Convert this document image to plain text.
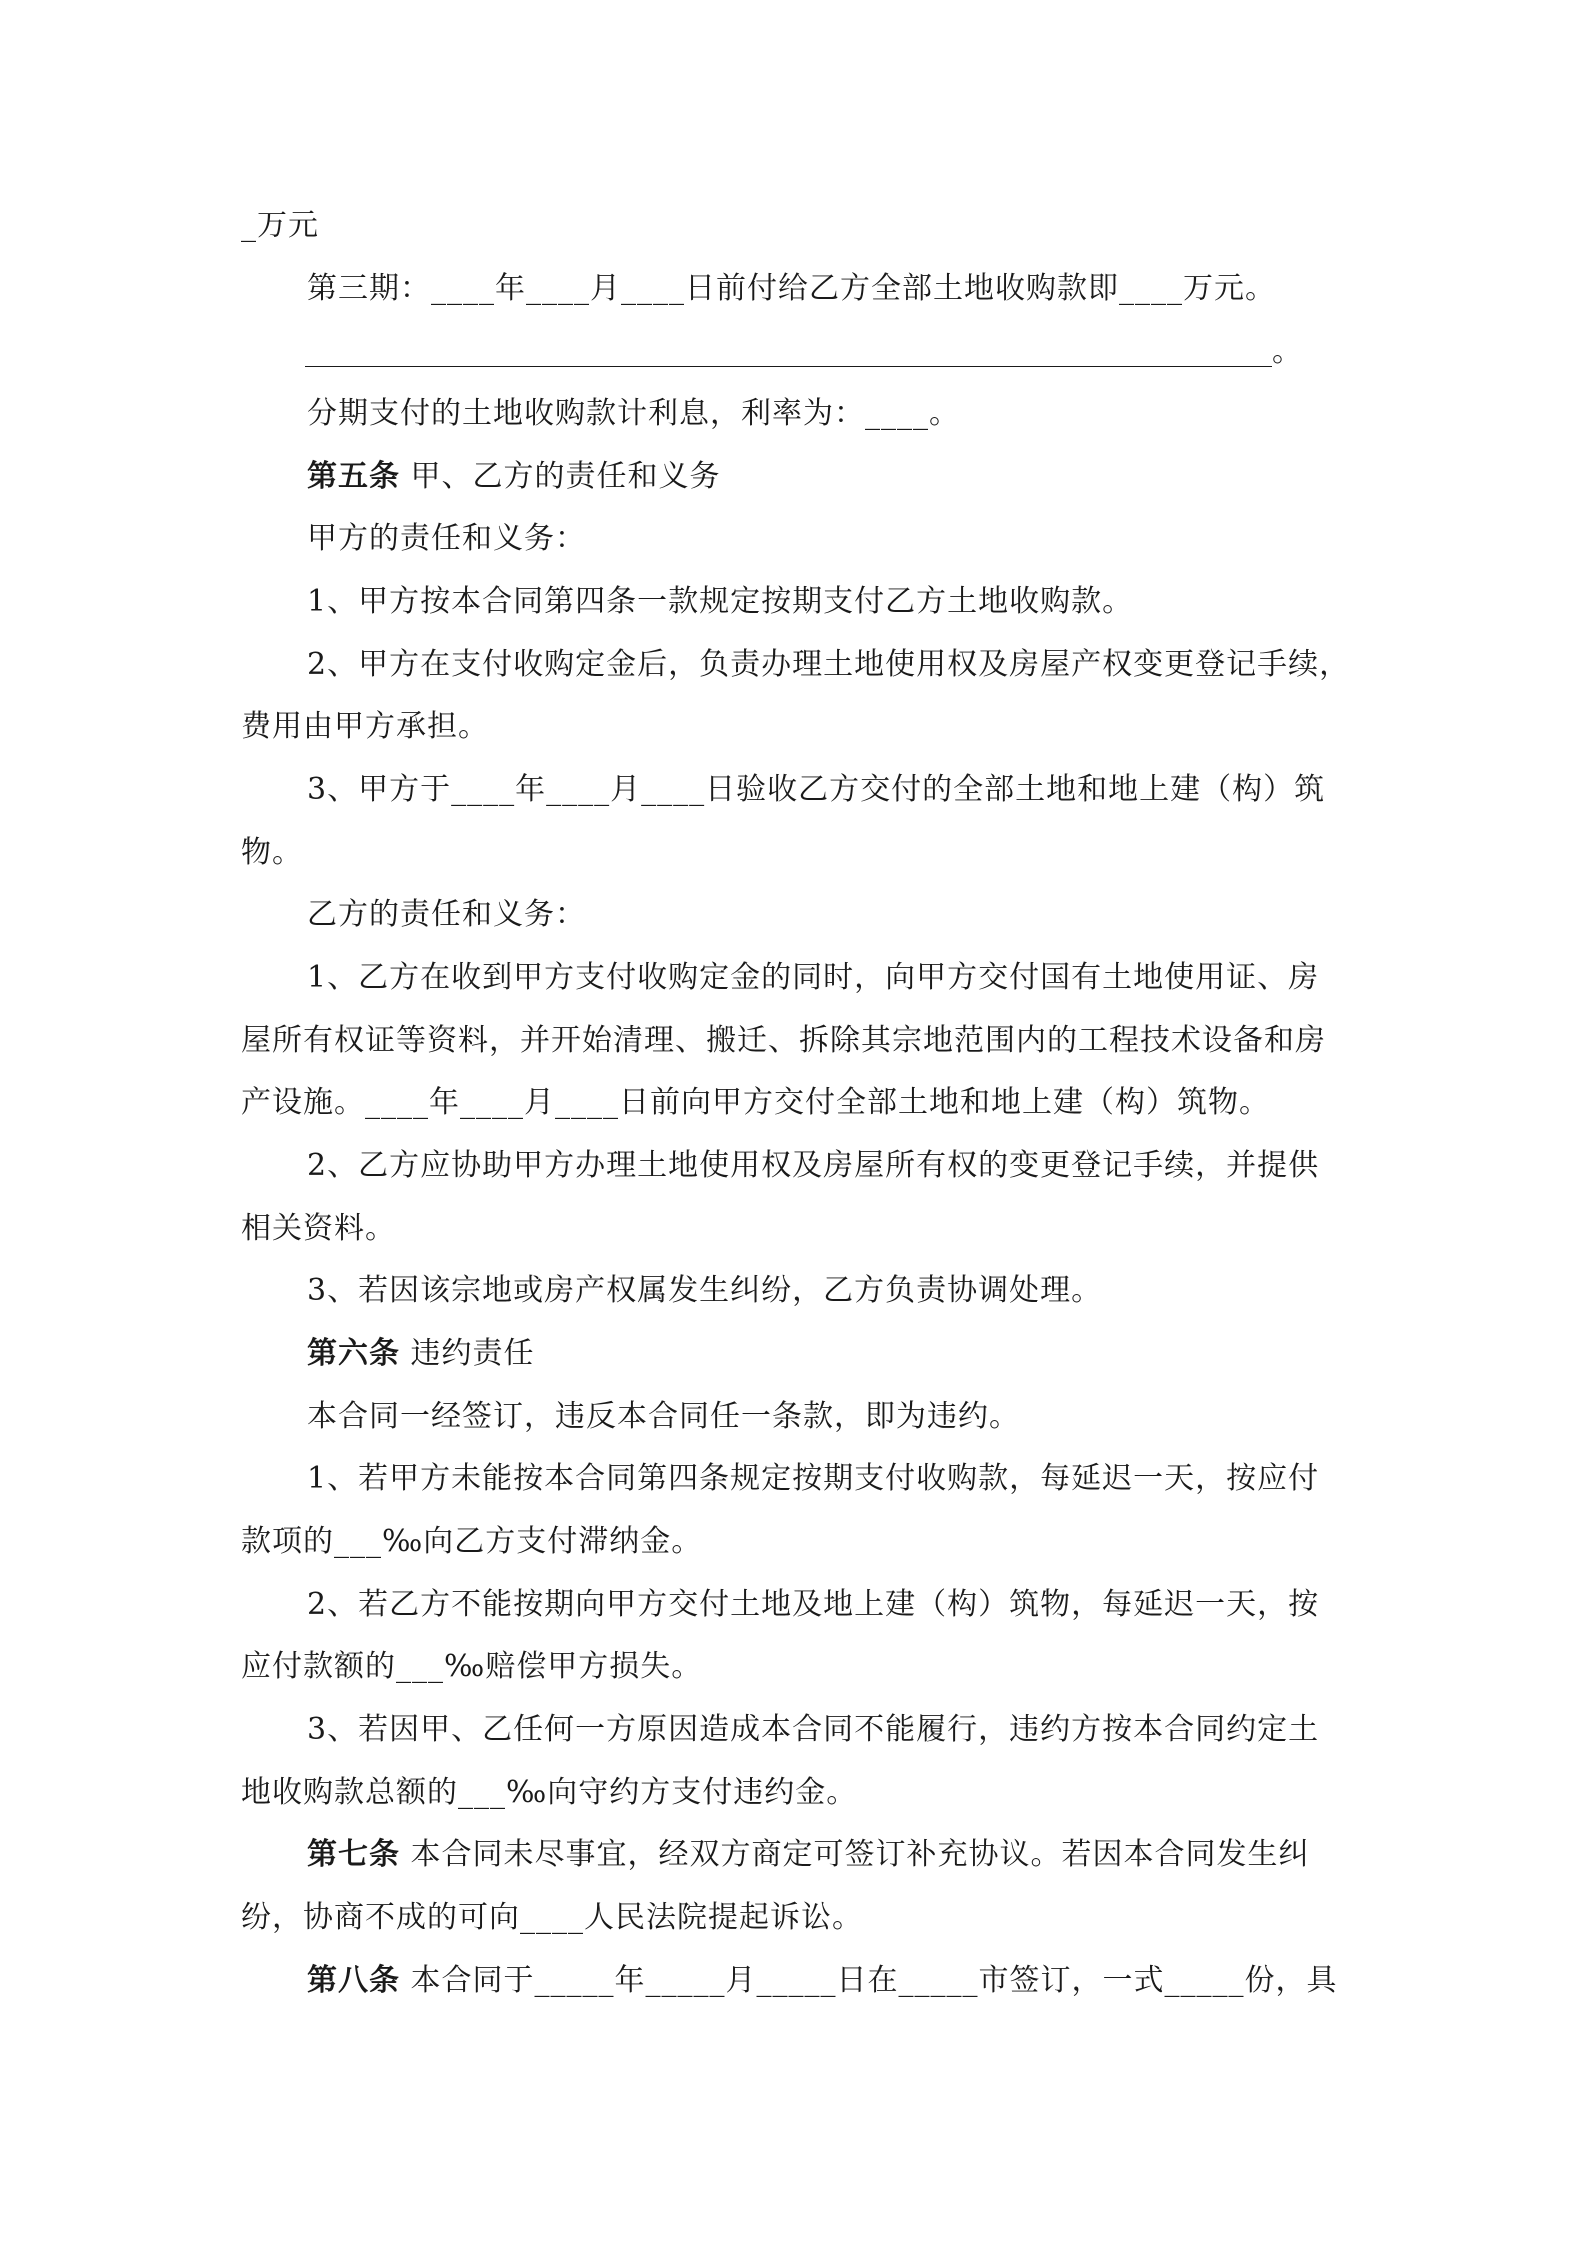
_万元
第三期：____年____月____日前付给乙方全部土地收购款即____万元。
。
分期支付的土地收购款计利息，利率为：____。
第五条 甲、乙方的责任和义务
甲方的责任和义务：
1、甲方按本合同第四条一款规定按期支付乙方土地收购款。
2、甲方在支付收购定金后，负责办理土地使用权及房屋产权变更登记手续，
费用由甲方承担。
3、甲方于____年____月____日验收乙方交付的全部土地和地上建（构）筑
物。
乙方的责任和义务：
1、乙方在收到甲方支付收购定金的同时，向甲方交付国有土地使用证、房
屋所有权证等资料，并开始清理、搬迁、拆除其宗地范围内的工程技术设备和房
产设施。____年____月____日前向甲方交付全部土地和地上建（构）筑物。
2、乙方应协助甲方办理土地使用权及房屋所有权的变更登记手续，并提供
相关资料。
3、若因该宗地或房产权属发生纠纷，乙方负责协调处理。
第六条 违约责任
本合同一经签订，违反本合同任一条款，即为违约。
1、若甲方未能按本合同第四条规定按期支付收购款，每延迟一天，按应付
款项的___‰向乙方支付滞纳金。
2、若乙方不能按期向甲方交付土地及地上建（构）筑物，每延迟一天，按
应付款额的___‰赔偿甲方损失。
3、若因甲、乙任何一方原因造成本合同不能履行，违约方按本合同约定土
地收购款总额的___‰向守约方支付违约金。
第七条 本合同未尽事宜，经双方商定可签订补充协议。若因本合同发生纠
纷，协商不成的可向____人民法院提起诉讼。
第八条 本合同于_____年_____月_____日在_____市签订，一式_____份，具
